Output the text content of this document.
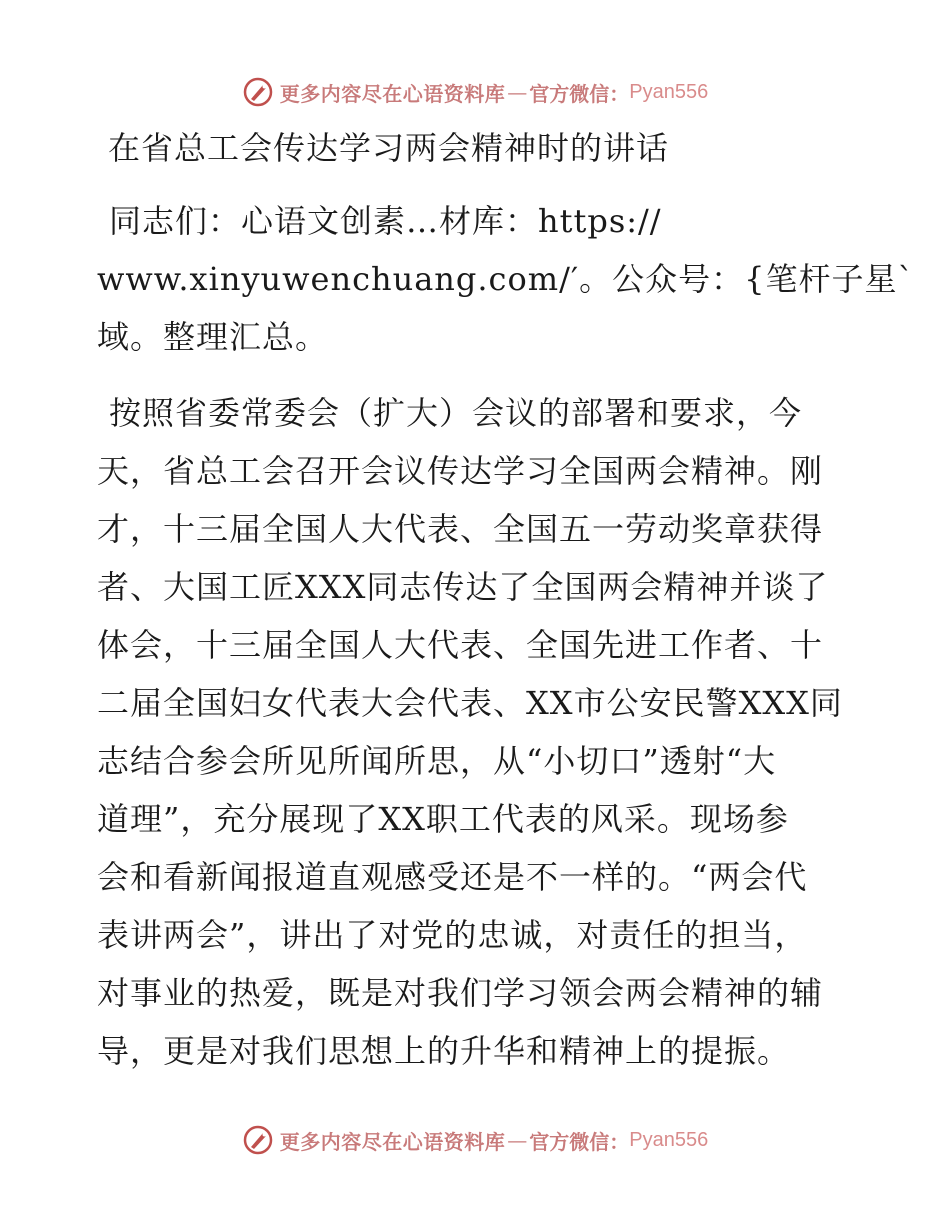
更多内容尽在心语资料库 — 官方微信： Pyan556
在省总工会传达学习两会精神时的讲话
同志们：心语文创素…材库：https://
www.xinyuwenchuang.com/′。公众号：{笔杆子星`
域。整理汇总。
按照省委常委会（扩大）会议的部署和要求，今
天，省总工会召开会议传达学习全国两会精神。刚
才，十三届全国人大代表、全国五一劳动奖章获得
者、大国工匠XXX同志传达了全国两会精神并谈了
体会，十三届全国人大代表、全国先进工作者、十
二届全国妇女代表大会代表、XX市公安民警XXX同
志结合参会所见所闻所思，从“小切口”透射“大
道理”，充分展现了XX职工代表的风采。现场参
会和看新闻报道直观感受还是不一样的。“两会代
表讲两会”，讲出了对党的忠诚，对责任的担当，
对事业的热爱，既是对我们学习领会两会精神的辅
导，更是对我们思想上的升华和精神上的提振。
更多内容尽在心语资料库 — 官方微信： Pyan556
